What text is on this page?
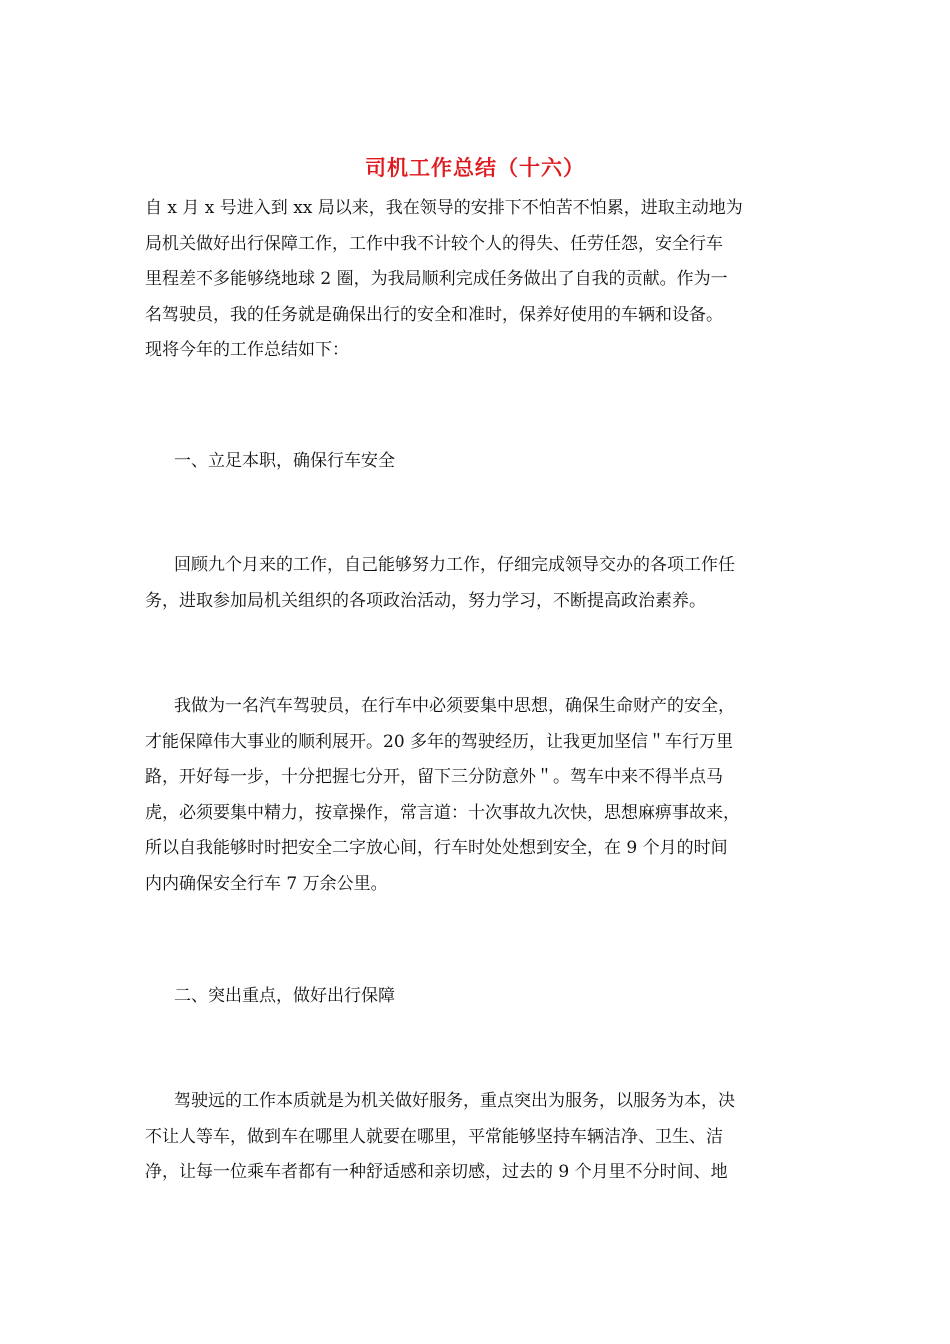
司机工作总结（十六）
自 x 月 x 号进入到 xx 局以来，我在领导的安排下不怕苦不怕累，进取主动地为
局机关做好出行保障工作，工作中我不计较个人的得失、任劳任怨，安全行车
里程差不多能够绕地球 2 圈，为我局顺利完成任务做出了自我的贡献。作为一
名驾驶员，我的任务就是确保出行的安全和准时，保养好使用的车辆和设备。
现将今年的工作总结如下：
一、立足本职，确保行车安全
回顾九个月来的工作，自己能够努力工作，仔细完成领导交办的各项工作任
务，进取参加局机关组织的各项政治活动，努力学习，不断提高政治素养。
我做为一名汽车驾驶员，在行车中必须要集中思想，确保生命财产的安全，
才能保障伟大事业的顺利展开。20 多年的驾驶经历，让我更加坚信＂车行万里
路，开好每一步，十分把握七分开，留下三分防意外＂。驾车中来不得半点马
虎，必须要集中精力，按章操作，常言道：十次事故九次快，思想麻痹事故来，
所以自我能够时时把安全二字放心间，行车时处处想到安全，在 9 个月的时间
内内确保安全行车 7 万余公里。
二、突出重点，做好出行保障
驾驶远的工作本质就是为机关做好服务，重点突出为服务，以服务为本，决
不让人等车，做到车在哪里人就要在哪里，平常能够坚持车辆洁净、卫生、洁
净，让每一位乘车者都有一种舒适感和亲切感，过去的 9 个月里不分时间、地
